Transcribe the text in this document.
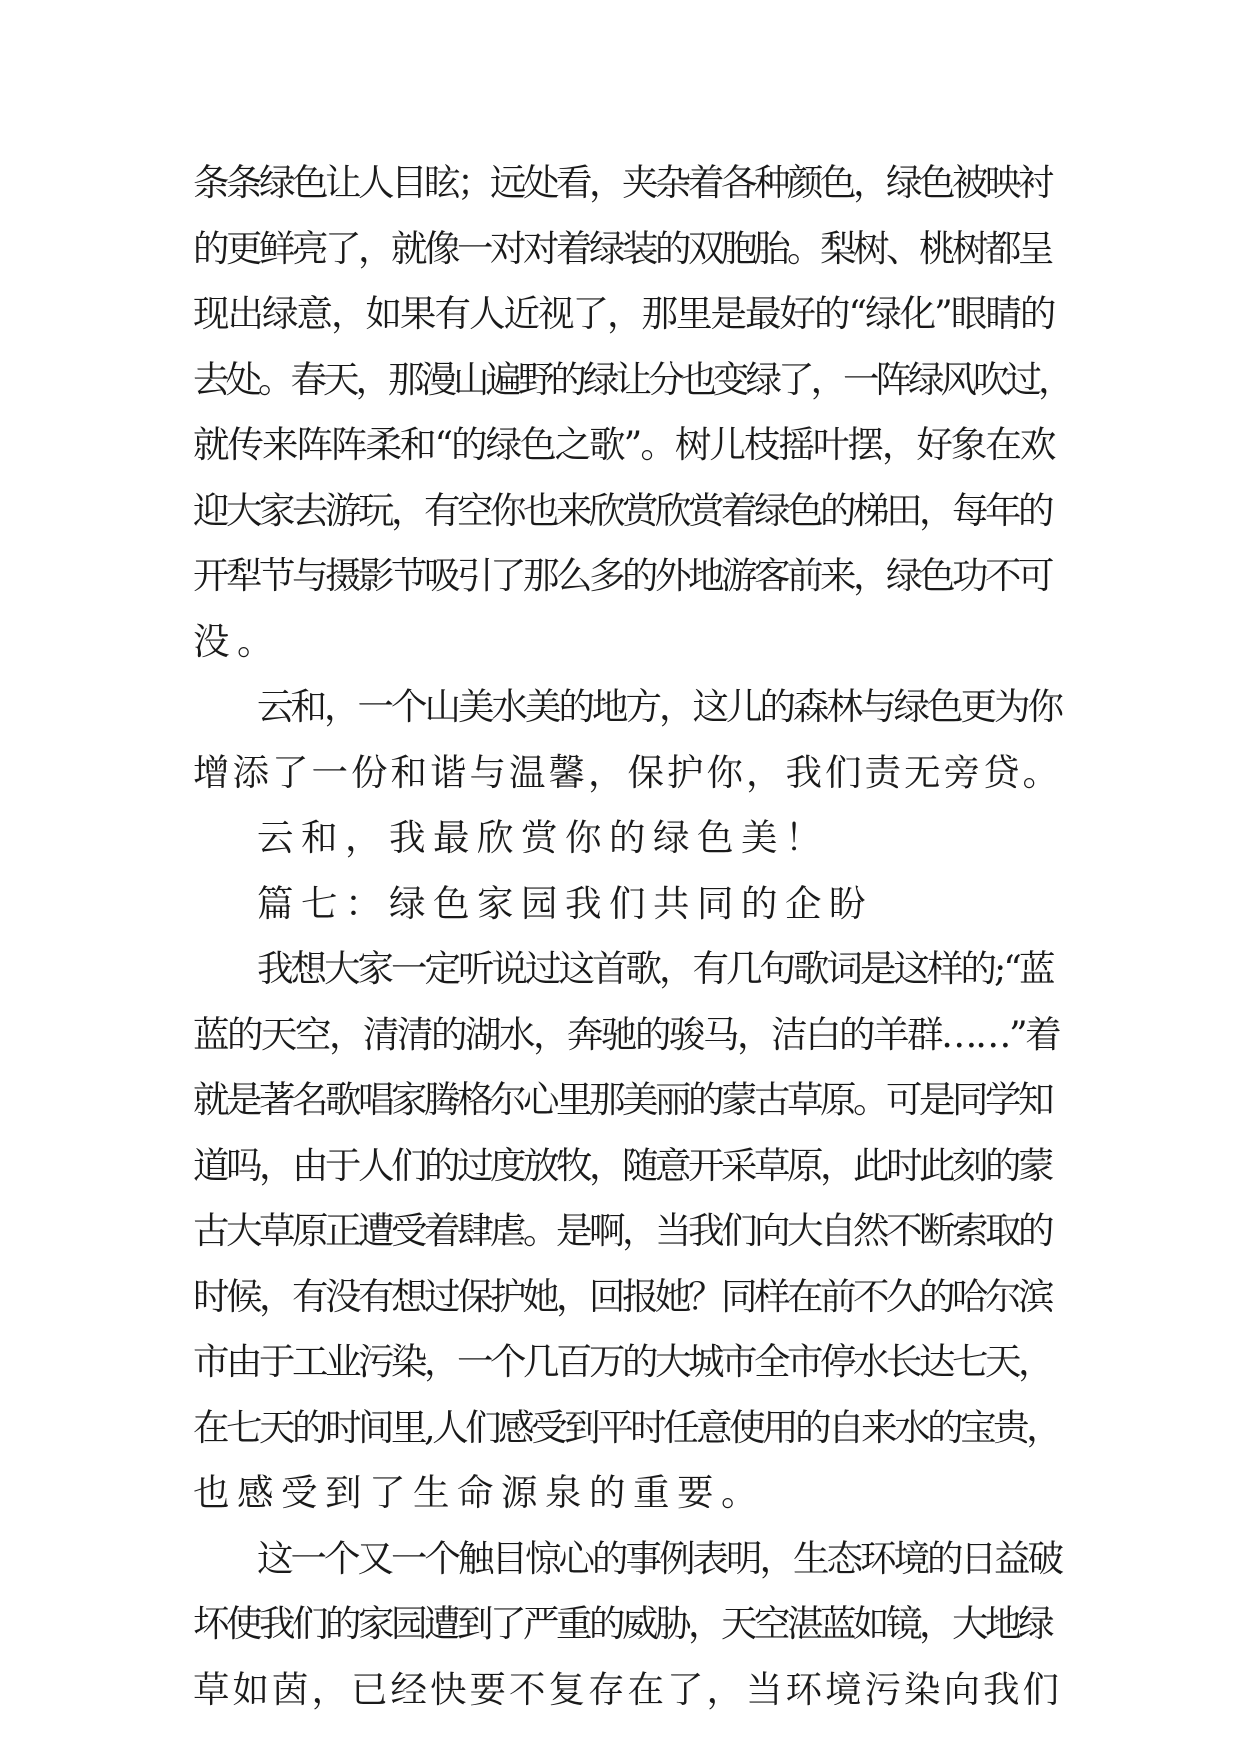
条条绿色让人目眩；远处看，夹杂着各种颜色，绿色被映衬
的更鲜亮了，就像一对对着绿装的双胞胎。梨树、桃树都呈
现出绿意，如果有人近视了，那里是最好的“绿化”眼睛的
去处。春天，那漫山遍野的绿让分也变绿了，一阵绿风吹过，
就传来阵阵柔和“的绿色之歌”。树儿枝摇叶摆，好象在欢
迎大家去游玩，有空你也来欣赏欣赏着绿色的梯田，每年的
开犁节与摄影节吸引了那么多的外地游客前来，绿色功不可
没。
云和，一个山美水美的地方，这儿的森林与绿色更为你
增添了一份和谐与温馨，保护你，我们责无旁贷。
云和，我最欣赏你的绿色美！
篇七：绿色家园我们共同的企盼
我想大家一定听说过这首歌，有几句歌词是这样的;“蓝
蓝的天空，清清的湖水，奔驰的骏马，洁白的羊群……”着
就是著名歌唱家腾格尔心里那美丽的蒙古草原。可是同学知
道吗，由于人们的过度放牧，随意开采草原，此时此刻的蒙
古大草原正遭受着肆虐。是啊，当我们向大自然不断索取的
时候，有没有想过保护她，回报她？同样在前不久的哈尔滨
市由于工业污染，一个几百万的大城市全市停水长达七天，
在七天的时间里,人们感受到平时任意使用的自来水的宝贵，
也感受到了生命源泉的重要。
这一个又一个触目惊心的事例表明，生态环境的日益破
坏使我们的家园遭到了严重的威胁，天空湛蓝如镜，大地绿
草如茵，已经快要不复存在了，当环境污染向我们
